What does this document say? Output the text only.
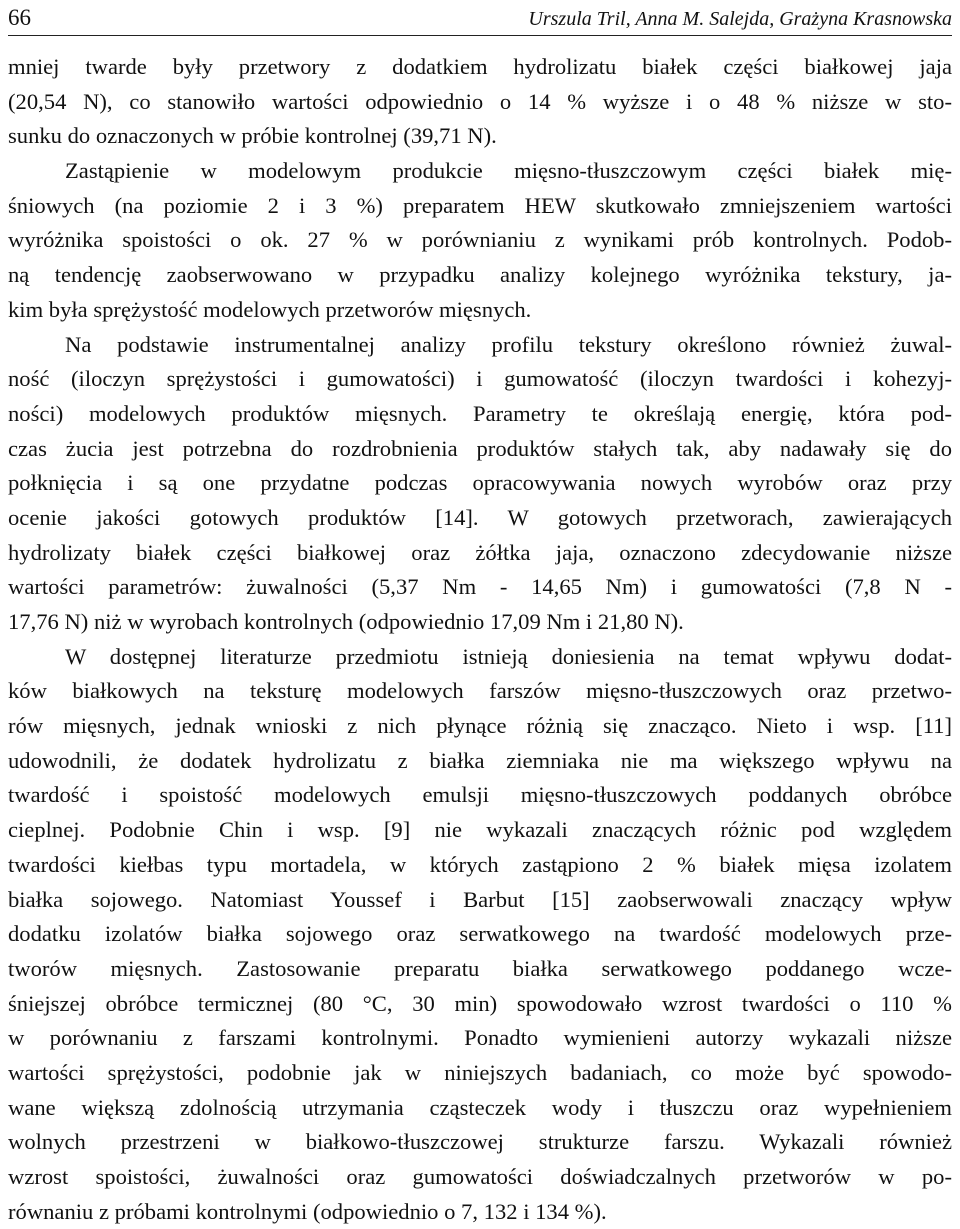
66	Urszula Tril, Anna M. Salejda, Grażyna Krasnowska
mniej twarde były przetwory z dodatkiem hydrolizatu białek części białkowej jaja
(20,54 N), co stanowiło wartości odpowiednio o 14 % wyższe i o 48 % niższe w sto-
sunku do oznaczonych w próbie kontrolnej (39,71 N).
Zastąpienie w modelowym produkcie mięsno-tłuszczowym części białek mię-
śniowych (na poziomie 2 i 3 %) preparatem HEW skutkowało zmniejszeniem wartości
wyróżnika spoistości o ok. 27 % w porównianiu z wynikami prób kontrolnych. Podob-
ną tendencję zaobserwowano w przypadku analizy kolejnego wyróżnika tekstury, ja-
kim była sprężystość modelowych przetworów mięsnych.
Na podstawie instrumentalnej analizy profilu tekstury określono również żuwal-
ność (iloczyn sprężystości i gumowatości) i gumowatość (iloczyn twardości i kohezyj-
ności) modelowych produktów mięsnych. Parametry te określają energię, która pod-
czas żucia jest potrzebna do rozdrobnienia produktów stałych tak, aby nadawały się do
połknięcia i są one przydatne podczas opracowywania nowych wyrobów oraz przy
ocenie jakości gotowych produktów [14]. W gotowych przetworach, zawierających
hydrolizaty białek części białkowej oraz żółtka jaja, oznaczono zdecydowanie niższe
wartości parametrów: żuwalności (5,37 Nm - 14,65 Nm) i gumowatości (7,8 N -
17,76 N) niż w wyrobach kontrolnych (odpowiednio 17,09 Nm i 21,80 N).
W dostępnej literaturze przedmiotu istnieją doniesienia na temat wpływu dodat-
ków białkowych na teksturę modelowych farszów mięsno-tłuszczowych oraz przetwo-
rów mięsnych, jednak wnioski z nich płynące różnią się znacząco. Nieto i wsp. [11]
udowodnili, że dodatek hydrolizatu z białka ziemniaka nie ma większego wpływu na
twardość i spoistość modelowych emulsji mięsno-tłuszczowych poddanych obróbce
cieplnej. Podobnie Chin i wsp. [9] nie wykazali znaczących różnic pod względem
twardości kiełbas typu mortadela, w których zastąpiono 2 % białek mięsa izolatem
białka sojowego. Natomiast Youssef i Barbut [15] zaobserwowali znaczący wpływ
dodatku izolatów białka sojowego oraz serwatkowego na twardość modelowych prze-
tworów mięsnych. Zastosowanie preparatu białka serwatkowego poddanego wcze-
śniejszej obróbce termicznej (80 °C, 30 min) spowodowało wzrost twardości o 110 %
w porównaniu z farszami kontrolnymi. Ponadto wymienieni autorzy wykazali niższe
wartości sprężystości, podobnie jak w niniejszych badaniach, co może być spowodo-
wane większą zdolnością utrzymania cząsteczek wody i tłuszczu oraz wypełnieniem
wolnych przestrzeni w białkowo-tłuszczowej strukturze farszu. Wykazali również
wzrost spoistości, żuwalności oraz gumowatości doświadczalnych przetworów w po-
równaniu z próbami kontrolnymi (odpowiednio o 7, 132 i 134 %).
